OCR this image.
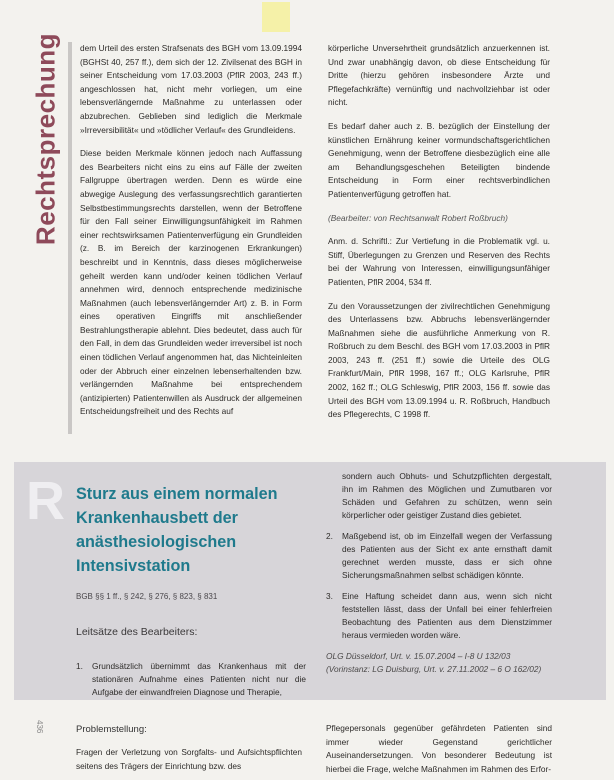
Rechtsprechung dem Urteil des ersten Strafsenats des BGH vom 13.09.1994 (BGHSt 40, 257 ff.), dem sich der 12. Zivilsenat des BGH in seiner Entscheidung vom 17.03.2003 (PflR 2003, 243 ff.) angeschlossen hat, nicht mehr vorliegen, um eine lebensverlängernde Maßnahme zu unterlassen oder abzubrechen. Geblieben sind lediglich die Merkmale »Irreversibilität« und »tödlicher Verlauf« des Grundleidens.

Diese beiden Merkmale können jedoch nach Auffassung des Bearbeiters nicht eins zu eins auf Fälle der zweiten Fallgruppe übertragen werden. Denn es würde eine abwegige Auslegung des verfassungsrechtlich garantierten Selbstbestimmungsrechts darstellen, wenn der Betroffene für den Fall seiner Einwilligungsunfähigkeit im Rahmen einer rechtswirksamen Patientenverfügung ein Grundleiden (z. B. im Bereich der karzinogenen Erkrankungen) beschreibt und in Kenntnis, dass dieses möglicherweise geheilt werden kann und/oder keinen tödlichen Verlauf annehmen wird, dennoch entsprechende medizinische Maßnahmen (auch lebensverlängernder Art) z. B. in Form eines operativen Eingriffs mit anschließender Bestrahlungstherapie ablehnt. Dies bedeutet, dass auch für den Fall, in dem das Grundleiden weder irreversibel ist noch einen tödlichen Verlauf angenommen hat, das Nichteinleiten oder der Abbruch einer einzelnen lebenserhaltenden bzw. verlängernden Maßnahme bei entsprechendem (antizipierten) Patientenwillen als Ausdruck der allgemeinen Entscheidungsfreiheit und des Rechts auf

körperliche Unversehrtheit grundsätzlich anzuerkennen ist. Und zwar unabhängig davon, ob diese Entscheidung für Dritte (hierzu gehören insbesondere Ärzte und Pflegefachkräfte) vernünftig und nachvollziehbar ist oder nicht.

Es bedarf daher auch z. B. bezüglich der Einstellung der künstlichen Ernährung keiner vormundschaftsgerichtlichen Genehmigung, wenn der Betroffene diesbezüglich eine alle am Behandlungsgeschehen Beteiligten bindende Entscheidung in Form einer rechtsverbindlichen Patientenverfügung getroffen hat.

(Bearbeiter: von Rechtsanwalt Robert Roßbruch)

Anm. d. Schriftl.: Zur Vertiefung in die Problematik vgl. u. Stiff, Überlegungen zu Grenzen und Reserven des Rechts bei der Wahrung von Interessen, einwilligungsunfähiger Patienten, PflR 2004, 534 ff.

Zu den Voraussetzungen der zivilrechtlichen Genehmigung des Unterlassens bzw. Abbruchs lebensverlängernder Maßnahmen siehe die ausführliche Anmerkung von R. Roßbruch zu dem Beschl. des BGH vom 17.03.2003 in PflR 2003, 243 ff. (251 ff.) sowie die Urteile des OLG Frankfurt/Main, PflR 1998, 167 ff.; OLG Karlsruhe, PflR 2002, 162 ff.; OLG Schleswig, PflR 2003, 156 ff. sowie das Urteil des BGH vom 13.09.1994 u. R. Roßbruch, Handbuch des Pflegerechts, C 1998 ff.

R Sturz aus einem normalen Krankenhausbett der anästhesiologischen Intensivstation
BGB §§ 1 ff., § 242, § 276, § 823, § 831
Leitsätze des Bearbeiters:
1.	Grundsätzlich übernimmt das Krankenhaus mit der stationären Aufnahme eines Patienten nicht nur die Aufgabe der einwandfreien Diagnose und Therapie,
sondern auch Obhuts- und Schutzpflichten dergestalt, ihn im Rahmen des Möglichen und Zumutbaren vor Schäden und Gefahren zu schützen, wenn sein körperlicher oder geistiger Zustand dies gebietet.
2.	Maßgebend ist, ob im Einzelfall wegen der Verfassung des Patienten aus der Sicht ex ante ernsthaft damit gerechnet werden musste, dass er sich ohne Sicherungsmaßnahmen selbst schädigen könnte.
3.	Eine Haftung scheidet dann aus, wenn sich nicht feststellen lässt, dass der Unfall bei einer fehlerfreien Beobachtung des Patienten aus dem Dienstzimmer heraus vermieden worden wäre.
OLG Düsseldorf, Urt. v. 15.07.2004 – I-8 U 132/03 (Vorinstanz: LG Duisburg, Urt. v. 27.11.2002 – 6 O 162/02)
436	Problemstellung:
Fragen der Verletzung von Sorgfalts- und Aufsichtspflichten seitens des Trägers der Einrichtung bzw. des
Pflegepersonals gegenüber gefährdeten Patienten sind immer wieder Gegenstand gerichtlicher Auseinandersetzungen. Von besonderer Bedeutung ist hierbei die Frage, welche Maßnahmen im Rahmen des Erfor-
